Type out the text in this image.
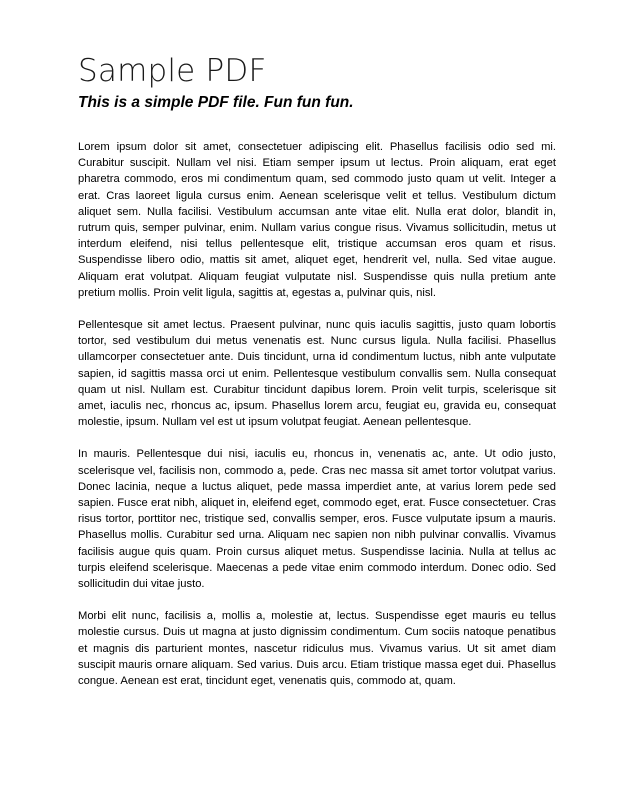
Sample PDF
This is a simple PDF file. Fun fun fun.

Lorem ipsum dolor sit amet, consectetuer adipiscing elit. Phasellus facilisis odio sed mi. Curabitur suscipit. Nullam vel nisi. Etiam semper ipsum ut lectus. Proin aliquam, erat eget pharetra commodo, eros mi condimentum quam, sed commodo justo quam ut velit. Integer a erat. Cras laoreet ligula cursus enim. Aenean scelerisque velit et tellus. Vestibulum dictum aliquet sem. Nulla facilisi. Vestibulum accumsan ante vitae elit. Nulla erat dolor, blandit in, rutrum quis, semper pulvinar, enim. Nullam varius congue risus. Vivamus sollicitudin, metus ut interdum eleifend, nisi tellus pellentesque elit, tristique accumsan eros quam et risus. Suspendisse libero odio, mattis sit amet, aliquet eget, hendrerit vel, nulla. Sed vitae augue. Aliquam erat volutpat. Aliquam feugiat vulputate nisl. Suspendisse quis nulla pretium ante pretium mollis. Proin velit ligula, sagittis at, egestas a, pulvinar quis, nisl.

Pellentesque sit amet lectus. Praesent pulvinar, nunc quis iaculis sagittis, justo quam lobortis tortor, sed vestibulum dui metus venenatis est. Nunc cursus ligula. Nulla facilisi. Phasellus ullamcorper consectetuer ante. Duis tincidunt, urna id condimentum luctus, nibh ante vulputate sapien, id sagittis massa orci ut enim. Pellentesque vestibulum convallis sem. Nulla consequat quam ut nisl. Nullam est. Curabitur tincidunt dapibus lorem. Proin velit turpis, scelerisque sit amet, iaculis nec, rhoncus ac, ipsum. Phasellus lorem arcu, feugiat eu, gravida eu, consequat molestie, ipsum. Nullam vel est ut ipsum volutpat feugiat. Aenean pellentesque.

In mauris. Pellentesque dui nisi, iaculis eu, rhoncus in, venenatis ac, ante. Ut odio justo, scelerisque vel, facilisis non, commodo a, pede. Cras nec massa sit amet tortor volutpat varius. Donec lacinia, neque a luctus aliquet, pede massa imperdiet ante, at varius lorem pede sed sapien. Fusce erat nibh, aliquet in, eleifend eget, commodo eget, erat. Fusce consectetuer. Cras risus tortor, porttitor nec, tristique sed, convallis semper, eros. Fusce vulputate ipsum a mauris. Phasellus mollis. Curabitur sed urna. Aliquam nec sapien non nibh pulvinar convallis. Vivamus facilisis augue quis quam. Proin cursus aliquet metus. Suspendisse lacinia. Nulla at tellus ac turpis eleifend scelerisque. Maecenas a pede vitae enim commodo interdum. Donec odio. Sed sollicitudin dui vitae justo.

Morbi elit nunc, facilisis a, mollis a, molestie at, lectus. Suspendisse eget mauris eu tellus molestie cursus. Duis ut magna at justo dignissim condimentum. Cum sociis natoque penatibus et magnis dis parturient montes, nascetur ridiculus mus. Vivamus varius. Ut sit amet diam suscipit mauris ornare aliquam. Sed varius. Duis arcu. Etiam tristique massa eget dui. Phasellus congue. Aenean est erat, tincidunt eget, venenatis quis, commodo at, quam.
